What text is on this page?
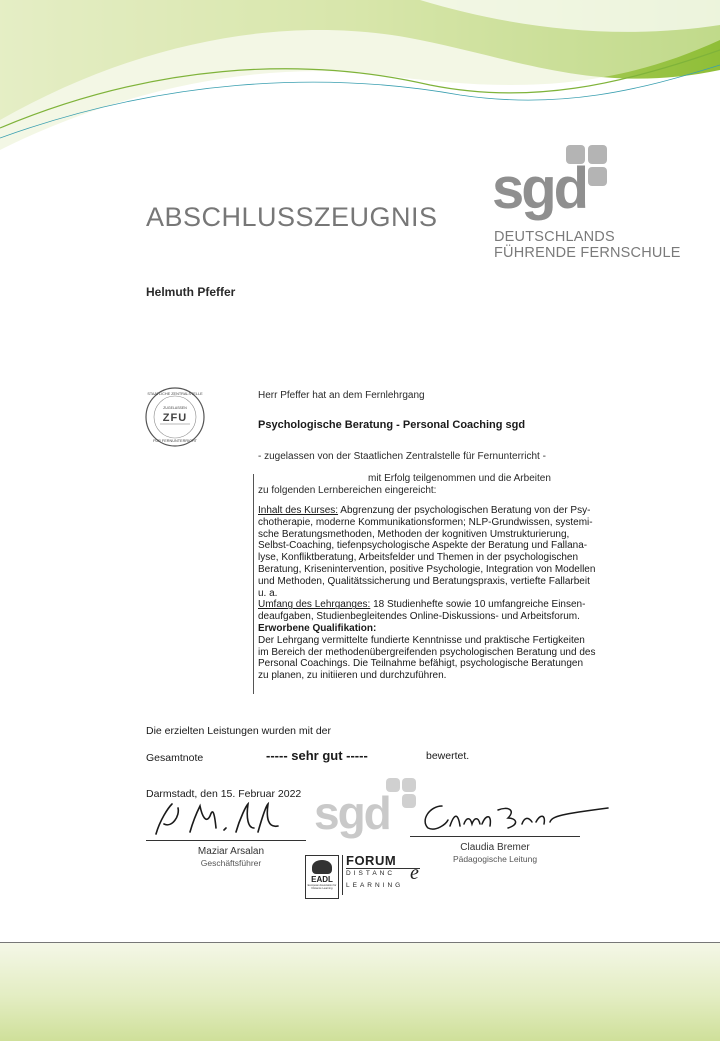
ABSCHLUSSZEUGNIS sgd
DEUTSCHLANDS
FÜHRENDE FERNSCHULE
Helmuth Pfeffer
ZUGELASSEN
ZFU
STAATLICHE ZENTRALSTELLE
FÜR FERNUNTERRICHT
Herr Pfeffer hat an dem Fernlehrgang
Psychologische Beratung - Personal Coaching sgd
- zugelassen von der Staatlichen Zentralstelle für Fernunterricht -
mit Erfolg teilgenommen und die Arbeiten
zu folgenden Lernbereichen eingereicht:
Inhalt des Kurses: Abgrenzung der psychologischen Beratung von der Psy-
chotherapie, moderne Kommunikationsformen; NLP-Grundwissen, systemi-
sche Beratungsmethoden, Methoden der kognitiven Umstrukturierung,
Selbst-Coaching, tiefenpsychologische Aspekte der Beratung und Fallana-
lyse, Konfliktberatung, Arbeitsfelder und Themen in der psychologischen
Beratung, Krisenintervention, positive Psychologie, Integration von Modellen
und Methoden, Qualitätssicherung und Beratungspraxis, vertiefte Fallarbeit
u. a.
Umfang des Lehrganges: 18 Studienhefte sowie 10 umfangreiche Einsen-
deaufgaben, Studienbegleitendes Online-Diskussions- und Arbeitsforum.
Erworbene Qualifikation:
Der Lehrgang vermittelte fundierte Kenntnisse und praktische Fertigkeiten
im Bereich der methodenübergreifenden psychologischen Beratung und des
Personal Coachings. Die Teilnahme befähigt, psychologische Beratungen
zu planen, zu initiieren und durchzuführen.
Die erzielten Leistungen wurden mit der
Gesamtnote	----- sehr gut -----	bewertet.
Darmstadt, den 15. Februar 2022
Maziar Arsalan
Geschäftsführer
sgd
Claudia Bremer
Pädagogische Leitung
EADL
European Association for Distance Learning
FORUM
DISTANC e
LEARNING
